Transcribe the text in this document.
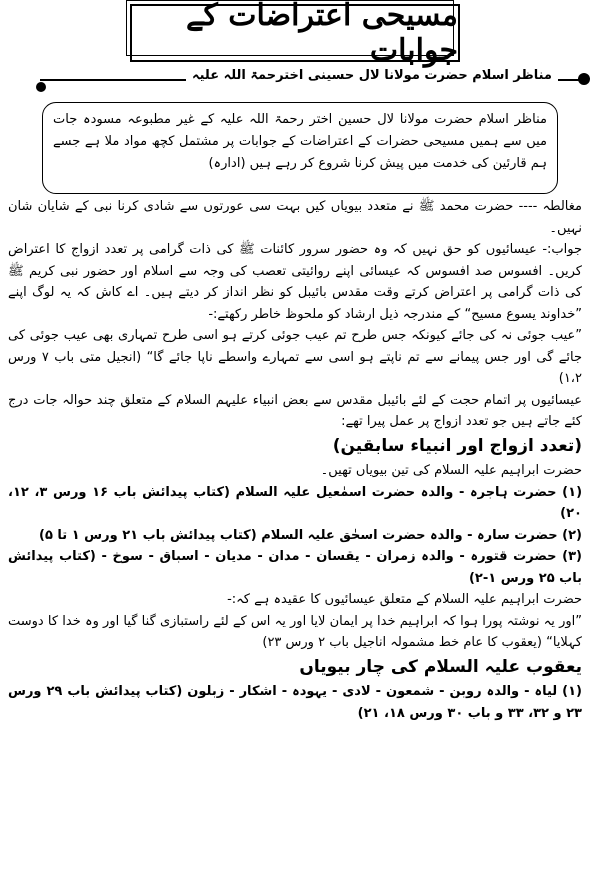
مسیحی اعتراضات کے جوابات
مناظر اسلام حضرت مولانا لال حسینی اخترحمۃ اللہ علیہ
مناظر اسلام حضرت مولانا لال حسین اختر رحمۃ اللہ علیہ کے غیر مطبوعہ مسودہ جات میں سے ہمیں مسیحی حضرات کے اعتراضات کے جوابات پر مشتمل کچھ مواد ملا ہے جسے ہم قارئین کی خدمت میں پیش کرنا شروع کر رہے ہیں (ادارہ)

مغالطہ ---- حضرت محمد ﷺ نے متعدد بیویاں کیں بہت سی عورتوں سے شادی کرنا نبی کے شایان شان نہیں۔

جواب:- عیسائیوں کو حق نہیں کہ وہ حضور سرور کائنات ﷺ کی ذات گرامی پر تعدد ازواج کا اعتراض کریں۔ افسوس صد افسوس کہ عیسائی اپنے روائیتی تعصب کی وجہ سے اسلام اور حضور نبی کریم ﷺ کی ذات گرامی پر اعتراض کرتے وقت مقدس بائیبل کو نظر انداز کر دیتے ہیں۔ اے کاش کہ یہ لوگ اپنے ”خداوند یسوع مسیح“ کے مندرجہ ذیل ارشاد کو ملحوظ خاطر رکھتے:-

”عیب جوئی نہ کی جائے کیونکہ جس طرح تم عیب جوئی کرتے ہو اسی طرح تمہاری بھی عیب جوئی کی جائے گی اور جس پیمانے سے تم ناپتے ہو اسی سے تمہارے واسطے ناپا جائے گا“ (انجیل متی باب ۷ ورس ۱،۲)

عیسائیوں پر اتمام حجت کے لئے بائیبل مقدس سے بعض انبیاء علیہم السلام کے متعلق چند حوالہ جات درج کئے جاتے ہیں جو تعدد ازواج پر عمل پیرا تھے:

(تعدد ازواج اور انبیاء سابقین)

حضرت ابراہیم علیہ السلام کی تین بیویاں تھیں۔

(۱) حضرت ہاجرہ - والدہ حضرت اسمٰعیل علیہ السلام (کتاب پیدائش باب ۱۶ ورس ۳، ۱۲، ۲۰)

(۲) حضرت سارہ - والدہ حضرت اسحٰق علیہ السلام (کتاب پیدائش باب ۲۱ ورس ۱ تا ۵)

(۳) حضرت قتورہ - والدہ زمران - یقسان - مدان - مدیان - اسباق - سوخ - (کتاب پیدائش باب ۲۵ ورس ۱-۲)

حضرت ابراہیم علیہ السلام کے متعلق عیسائیوں کا عقیدہ ہے کہ:-

”اور یہ نوشتہ پورا ہوا کہ ابراہیم خدا پر ایمان لایا اور یہ اس کے لئے راستبازی گنا گیا اور وہ خدا کا دوست کہلایا“ (یعقوب کا عام خط مشمولہ اناجیل باب ۲ ورس ۲۳)

یعقوب علیہ السلام کی چار بیویاں

(۱) لیاہ - والدہ روبن - شمعون - لادی - یہودہ - اشکار - زبلون (کتاب پیدائش باب ۲۹ ورس ۲۳ و ۳۲، ۳۳ و باب ۳۰ ورس ۱۸، ۲۱)
